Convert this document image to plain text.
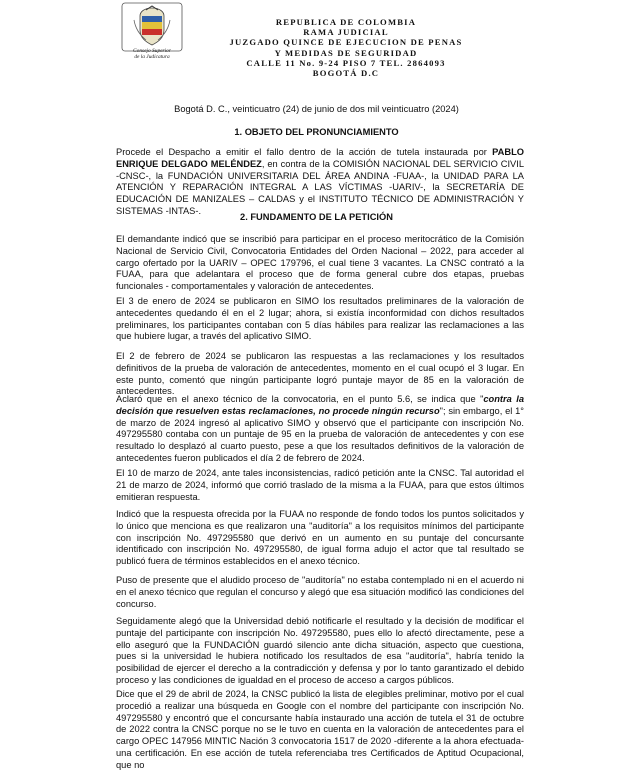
Consejo Superior
de la Judicatura
REPUBLICA DE COLOMBIA
RAMA JUDICIAL
JUZGADO QUINCE DE EJECUCION DE PENAS
Y MEDIDAS DE SEGURIDAD
CALLE 11 No. 9-24 PISO 7 TEL. 2864093
BOGOTÁ D.C
Bogotá D. C., veinticuatro (24) de junio de dos mil veinticuatro (2024)
1. OBJETO DEL PRONUNCIAMIENTO
Procede el Despacho a emitir el fallo dentro de la acción de tutela instaurada por PABLO ENRIQUE DELGADO MELÉNDEZ, en contra de la COMISIÓN NACIONAL DEL SERVICIO CIVIL -CNSC-, la FUNDACIÓN UNIVERSITARIA DEL ÁREA ANDINA -FUAA-, la UNIDAD PARA LA ATENCIÓN Y REPARACIÓN INTEGRAL A LAS VÍCTIMAS -UARIV-, la SECRETARÍA DE EDUCACIÓN DE MANIZALES – CALDAS y el INSTITUTO TÉCNICO DE ADMINISTRACIÓN Y SISTEMAS -INTAS-.
2. FUNDAMENTO DE LA PETICIÓN
El demandante indicó que se inscribió para participar en el proceso meritocrático de la Comisión Nacional de Servicio Civil, Convocatoria Entidades del Orden Nacional – 2022, para acceder al cargo ofertado por la UARIV – OPEC 179796, el cual tiene 3 vacantes. La CNSC contrató a la FUAA, para que adelantara el proceso que de forma general cubre dos etapas, pruebas funcionales - comportamentales y valoración de antecedentes.
El 3 de enero de 2024 se publicaron en SIMO los resultados preliminares de la valoración de antecedentes quedando él en el 2 lugar; ahora, si existía inconformidad con dichos resultados preliminares, los participantes contaban con 5 días hábiles para realizar las reclamaciones a las que hubiere lugar, a través del aplicativo SIMO.
El 2 de febrero de 2024 se publicaron las respuestas a las reclamaciones y los resultados definitivos de la prueba de valoración de antecedentes, momento en el cual ocupó el 3 lugar. En este punto, comentó que ningún participante logró puntaje mayor de 85 en la valoración de antecedentes.
Aclaró que en el anexo técnico de la convocatoria, en el punto 5.6, se indica que "contra la decisión que resuelven estas reclamaciones, no procede ningún recurso"; sin embargo, el 1° de marzo de 2024 ingresó al aplicativo SIMO y observó que el participante con inscripción No. 497295580 contaba con un puntaje de 95 en la prueba de valoración de antecedentes y con ese resultado lo desplazó al cuarto puesto, pese a que los resultados definitivos de la valoración de antecedentes fueron publicados el día 2 de febrero de 2024.
El 10 de marzo de 2024, ante tales inconsistencias, radicó petición ante la CNSC. Tal autoridad el 21 de marzo de 2024, informó que corrió traslado de la misma a la FUAA, para que estos últimos emitieran respuesta.
Indicó que la respuesta ofrecida por la FUAA no responde de fondo todos los puntos solicitados y lo único que menciona es que realizaron una "auditoría" a los requisitos mínimos del participante con inscripción No. 497295580 que derivó en un aumento en su puntaje del concursante identificado con inscripción No. 497295580, de igual forma adujo el actor que tal resultado se publicó fuera de términos establecidos en el anexo técnico.
Puso de presente que el aludido proceso de "auditoría" no estaba contemplado ni en el acuerdo ni en el anexo técnico que regulan el concurso y alegó que esa situación modificó las condiciones del concurso.
Seguidamente alegó que la Universidad debió notificarle el resultado y la decisión de modificar el puntaje del participante con inscripción No. 497295580, pues ello lo afectó directamente, pese a ello aseguró que la FUNDACIÓN guardó silencio ante dicha situación, aspecto que cuestiona, pues si la universidad le hubiera notificado los resultados de esa "auditoría", habría tenido la posibilidad de ejercer el derecho a la contradicción y defensa y por lo tanto garantizado el debido proceso y las condiciones de igualdad en el proceso de acceso a cargos públicos.
Dice que el 29 de abril de 2024, la CNSC publicó la lista de elegibles preliminar, motivo por el cual procedió a realizar una búsqueda en Google con el nombre del participante con inscripción No. 497295580 y encontró que el concursante había instaurado una acción de tutela el 31 de octubre de 2022 contra la CNSC porque no se le tuvo en cuenta en la valoración de antecedentes para el cargo OPEC 147956 MINTIC Nación 3 convocatoria 1517 de 2020 -diferente a la ahora efectuada- una certificación. En ese acción de tutela referenciaba tres Certificados de Aptitud Ocupacional, que no
